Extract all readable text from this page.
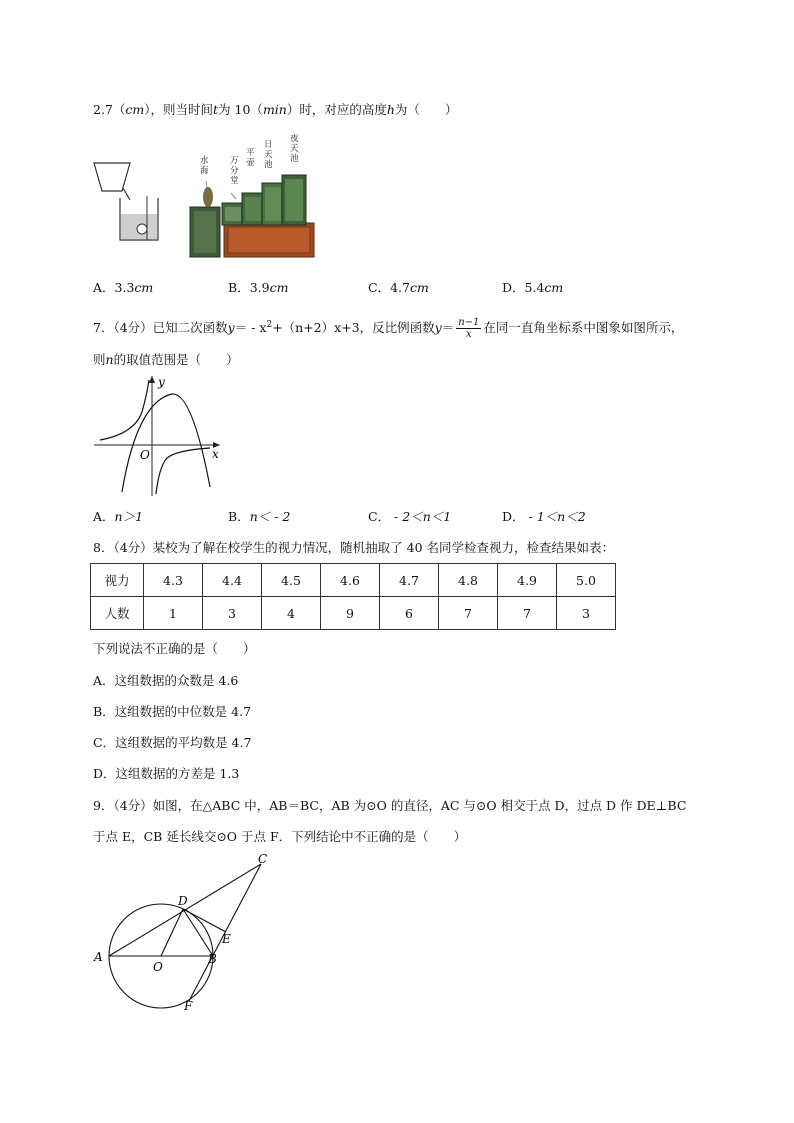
2.7（cm），则当时间t为 10（min）时，对应的高度h为（　　）
水海
万分堂
平壶
日天池
夜天池
A．3.3cm	B．3.9cm	C．4.7cm	D．5.4cm
7．（4分）已知二次函数$y= - x^2+(n+2)x+3$，反比例函数$y= \frac{n-1}{x}$ 在同一直角坐标系中图象如图所示，
则n的取值范围是（　　）
y
x
O
A．n＞1	B．n＜ - 2	C． - 2＜n＜1	D． - 1＜n＜2
8．（4分）某校为了解在校学生的视力情况，随机抽取了 40 名同学检查视力，检查结果如表：
视力	4.3	4.4	4.5	4.6	4.7	4.8	4.9	5.0
人数	1	3	4	9	6	7	7	3
下列说法不正确的是（　　）
A．这组数据的众数是 4.6
B．这组数据的中位数是 4.7
C．这组数据的平均数是 4.7
D．这组数据的方差是 1.3
9．（4分）如图，在△ABC 中，AB＝BC，AB 为⊙O 的直径，AC 与⊙O 相交于点 D，过点 D 作 DE⊥BC
于点 E，CB 延长线交⊙O 于点 F．下列结论中不正确的是（　　）
A	B
C
D
E
F
O
